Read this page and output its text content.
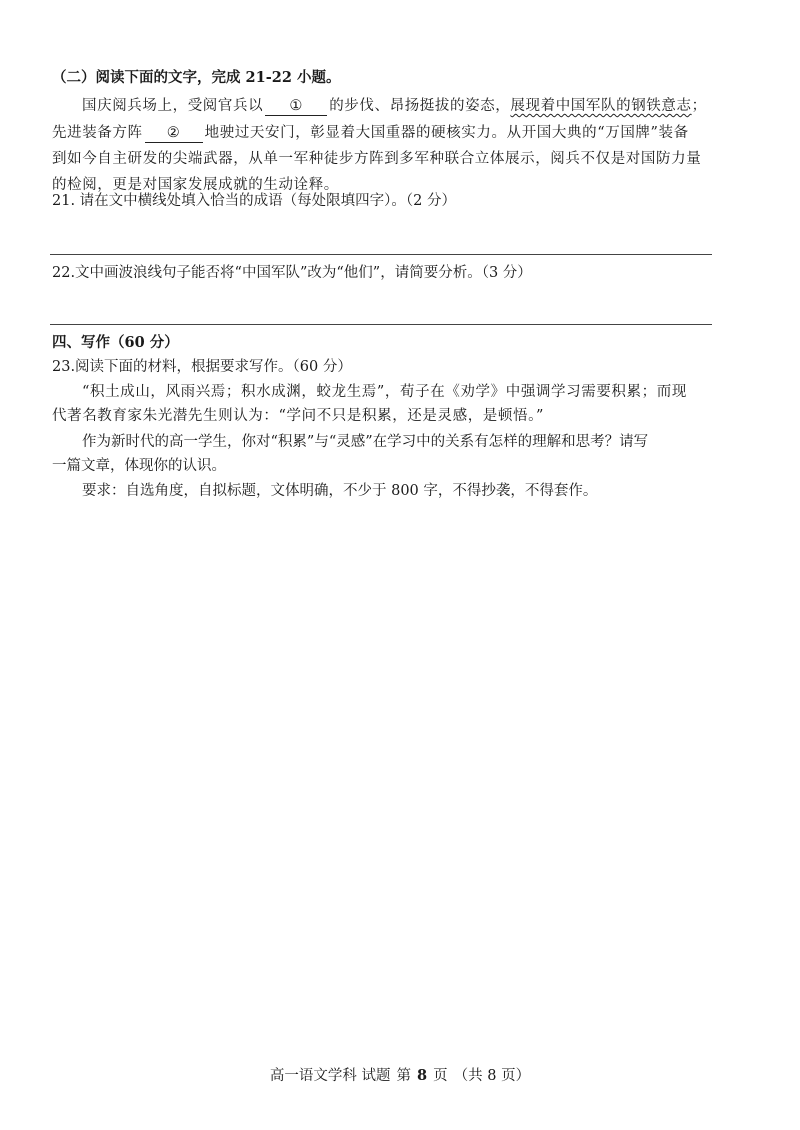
（二）阅读下面的文字，完成 21-22 小题。
国庆阅兵场上，受阅官兵以 ① 的步伐、昂扬挺拔的姿态，展现着中国军队的钢铁意志；
先进装备方阵 ② 地驶过天安门，彰显着大国重器的硬核实力。从开国大典的“万国牌”装备
到如今自主研发的尖端武器，从单一军种徒步方阵到多军种联合立体展示，阅兵不仅是对国防力量
的检阅，更是对国家发展成就的生动诠释。
21. 请在文中横线处填入恰当的成语（每处限填四字）。（2 分）
22.文中画波浪线句子能否将“中国军队”改为“他们”，请简要分析。（3 分）
四、写作（60 分）
23.阅读下面的材料，根据要求写作。（60 分）
“积土成山，风雨兴焉；积水成渊，蛟龙生焉”，荀子在《劝学》中强调学习需要积累；而现
代著名教育家朱光潜先生则认为：“学问不只是积累，还是灵感，是顿悟。”
作为新时代的高一学生，你对“积累”与“灵感”在学习中的关系有怎样的理解和思考？请写
一篇文章，体现你的认识。
要求：自选角度，自拟标题，文体明确，不少于 800 字，不得抄袭，不得套作。
高一语文学科 试题 第 8 页 （共 8 页）
